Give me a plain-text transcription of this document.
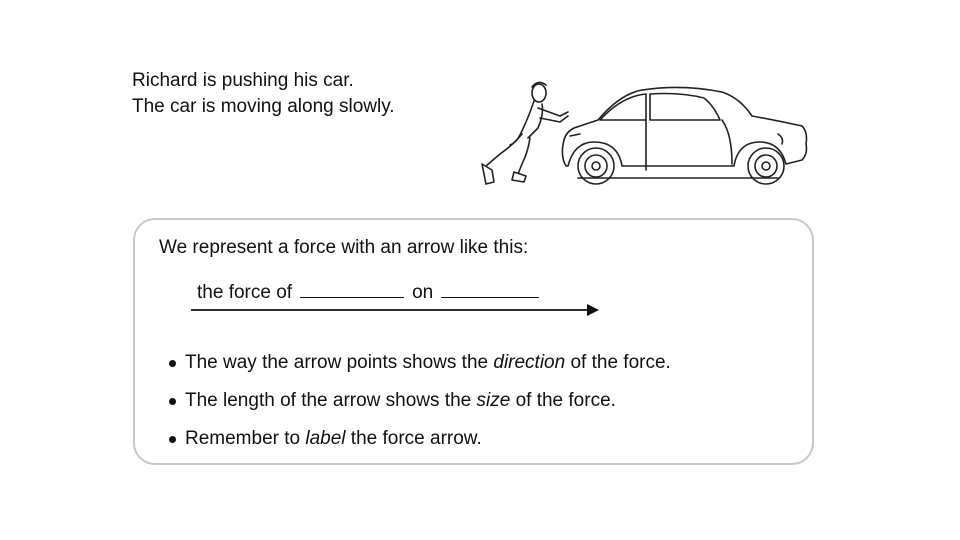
Richard is pushing his car.
The car is moving along slowly.
We represent a force with an arrow like this:
the force of	on
The way the arrow points shows the direction of the force.
The length of the arrow shows the size of the force.
Remember to label the force arrow.
